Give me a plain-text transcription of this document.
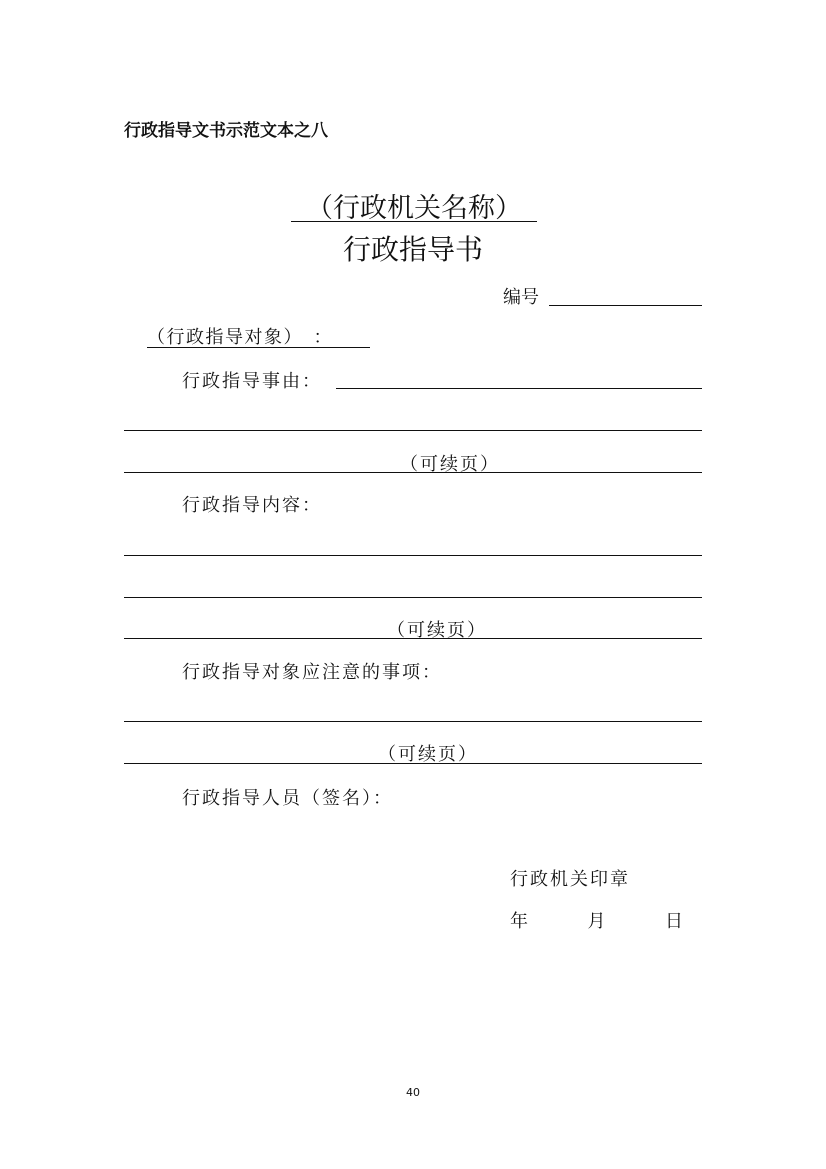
行政指导文书示范文本之八
（行政机关名称）
行政指导书
编号
（行政指导对象）　：
行政指导事由：
（可续页）
行政指导内容：
（可续页）
行政指导对象应注意的事项：
（可续页）
行政指导人员（签名）：
行政机关印章
年	月	日
40
